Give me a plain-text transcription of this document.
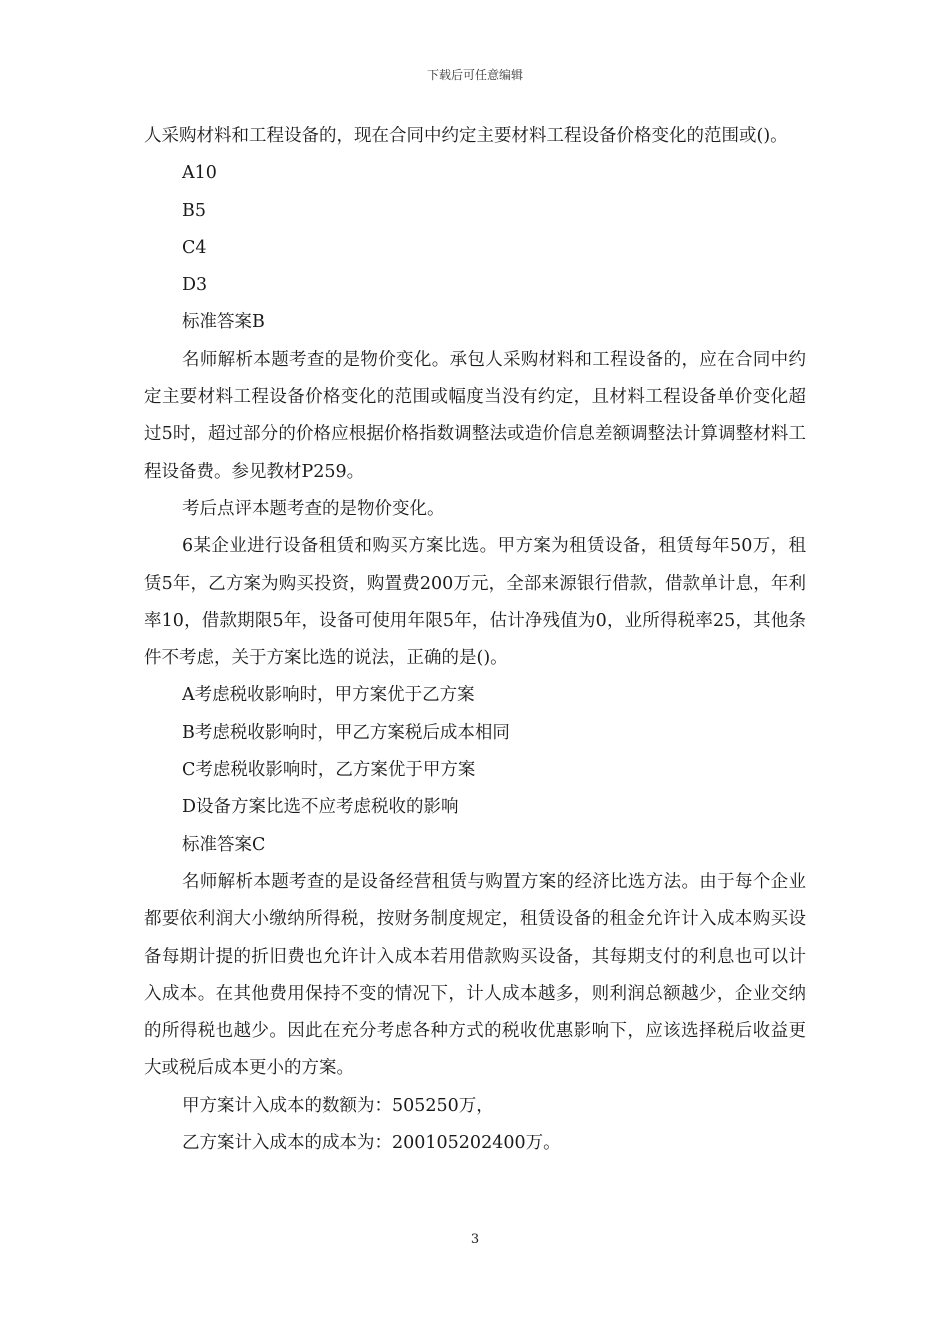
下载后可任意编辑

人采购材料和工程设备的，现在合同中约定主要材料工程设备价格变化的范围或()。

A10

B5

C4

D3

标准答案B

名师解析本题考查的是物价变化。承包人采购材料和工程设备的，应在合同中约定主要材料工程设备价格变化的范围或幅度当没有约定，且材料工程设备单价变化超过5时，超过部分的价格应根据价格指数调整法或造价信息差额调整法计算调整材料工程设备费。参见教材P259。

考后点评本题考查的是物价变化。

6某企业进行设备租赁和购买方案比选。甲方案为租赁设备，租赁每年50万，租赁5年，乙方案为购买投资，购置费200万元，全部来源银行借款，借款单计息，年利率10，借款期限5年，设备可使用年限5年，估计净残值为0，业所得税率25，其他条件不考虑，关于方案比选的说法，正确的是()。

A考虑税收影响时，甲方案优于乙方案

B考虑税收影响时，甲乙方案税后成本相同

C考虑税收影响时，乙方案优于甲方案

D设备方案比选不应考虑税收的影响

标准答案C

名师解析本题考查的是设备经营租赁与购置方案的经济比选方法。由于每个企业都要依利润大小缴纳所得税，按财务制度规定，租赁设备的租金允许计入成本购买设备每期计提的折旧费也允许计入成本若用借款购买设备，其每期支付的利息也可以计入成本。在其他费用保持不变的情况下，计人成本越多，则利润总额越少，企业交纳的所得税也越少。因此在充分考虑各种方式的税收优惠影响下，应该选择税后收益更大或税后成本更小的方案。

甲方案计入成本的数额为：505250万，

乙方案计入成本的成本为：200105202400万。

3
